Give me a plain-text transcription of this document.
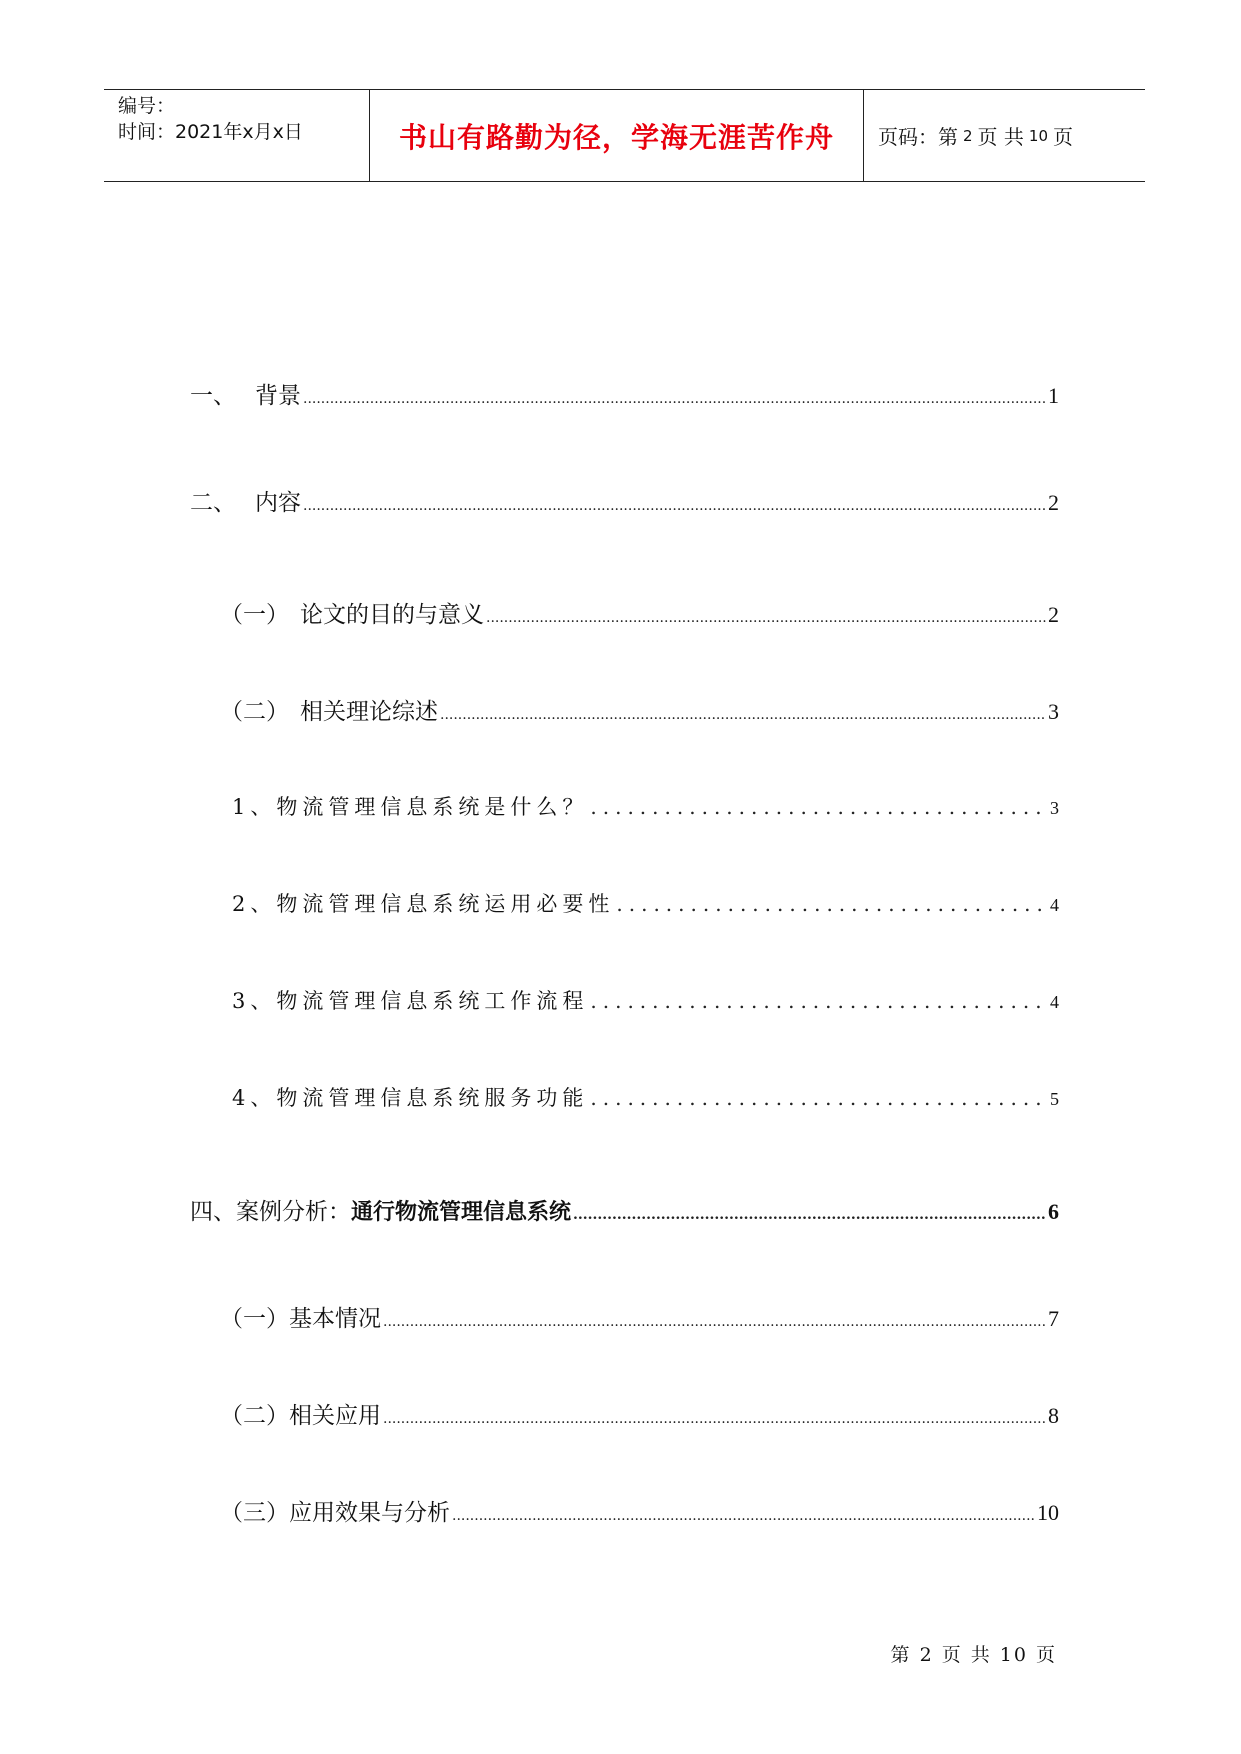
编号：
时间：2021年x月x日	书山有路勤为径，学海无涯苦作舟 页码：第 2 页 共 10 页
一、 背景 .....	1
二、 内容 .....	2
（一） 论文的目的与意义 .....	2
（二） 相关理论综述 .....	3
1、物流管理信息系统是什么？ .....	3
2、物流管理信息系统运用必要性 .....	4
3、物流管理信息系统工作流程 .....	4
4、物流管理信息系统服务功能 .....	5
四、案例分析：通行物流管理信息系统 .....	6
（一）基本情况 .....	7
（二）相关应用 .....	8
（三）应用效果与分析 .....	10
第 2 页 共 10 页
